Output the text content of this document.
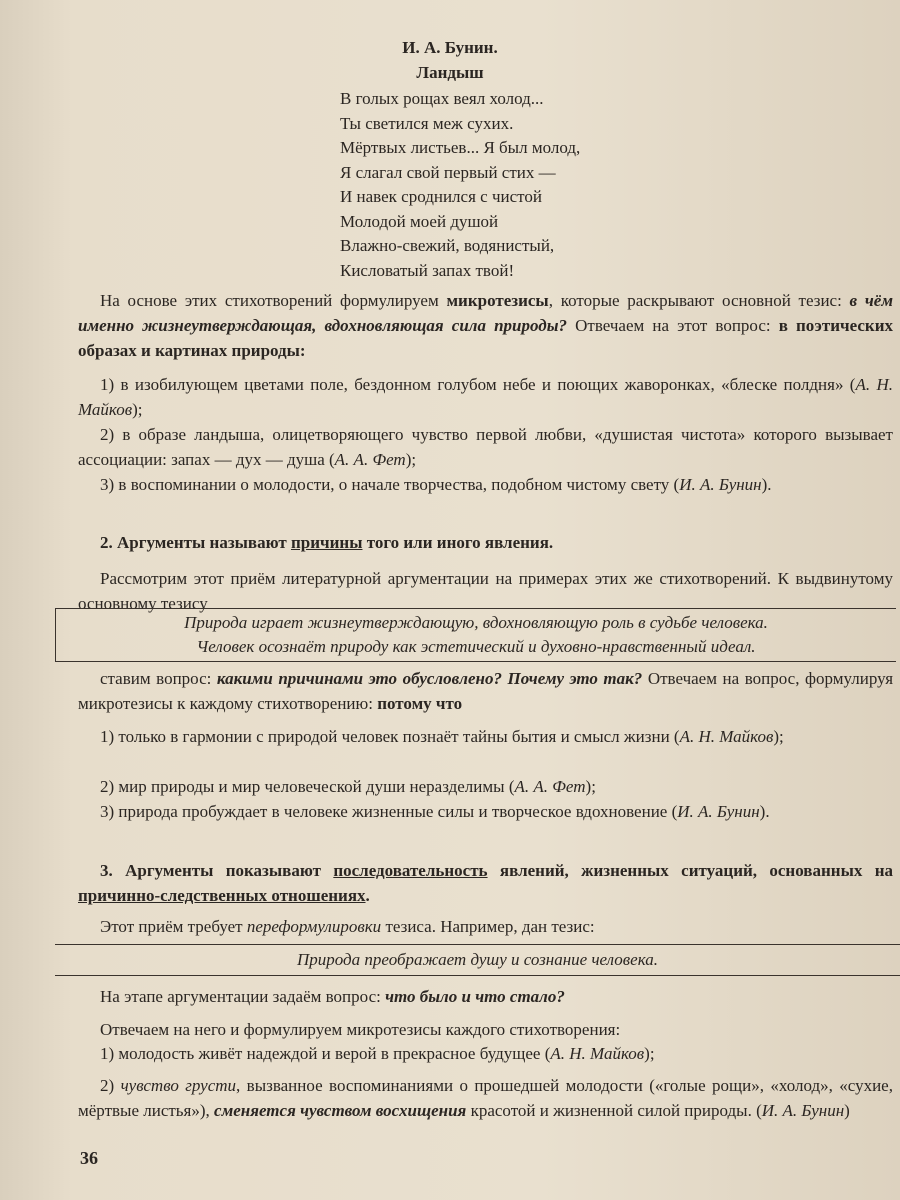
И. А. Бунин.
Ландыш
В голых рощах веял холод...
Ты светился меж сухих.
Мёртвых листьев... Я был молод,
Я слагал свой первый стих —
И навек сроднился с чистой
Молодой моей душой
Влажно-свежий, водянистый,
Кисловатый запах твой!
На основе этих стихотворений формулируем микротезисы, которые раскрывают основной тезис: в чём именно жизнеутверждающая, вдохновляющая сила природы? Отвечаем на этот вопрос: в поэтических образах и картинах природы:
1) в изобилующем цветами поле, бездонном голубом небе и поющих жаворонках, «блеске полдня» (А. Н. Майков);
2) в образе ландыша, олицетворяющего чувство первой любви, «душистая чистота» которого вызывает ассоциации: запах — дух — душа (А. А. Фет);
3) в воспоминании о молодости, о начале творчества, подобном чистому свету (И. А. Бунин).
2. Аргументы называют причины того или иного явления.
Рассмотрим этот приём литературной аргументации на примерах этих же стихотворений. К выдвинутому основному тезису
Природа играет жизнеутверждающую, вдохновляющую роль в судьбе человека.
Человек осознаёт природу как эстетический и духовно-нравственный идеал.
ставим вопрос: какими причинами это обусловлено? Почему это так? Отвечаем на вопрос, формулируя микротезисы к каждому стихотворению: потому что
1) только в гармонии с природой человек познаёт тайны бытия и смысл жизни (А. Н. Майков);
2) мир природы и мир человеческой души неразделимы (А. А. Фет);
3) природа пробуждает в человеке жизненные силы и творческое вдохновение (И. А. Бунин).
3. Аргументы показывают последовательность явлений, жизненных ситуаций, основанных на причинно-следственных отношениях.
Этот приём требует переформулировки тезиса. Например, дан тезис:
Природа преображает душу и сознание человека.
На этапе аргументации задаём вопрос: что было и что стало?
Отвечаем на него и формулируем микротезисы каждого стихотворения:
1) молодость живёт надеждой и верой в прекрасное будущее (А. Н. Майков);
2) чувство грусти, вызванное воспоминаниями о прошедшей молодости («голые рощи», «холод», «сухие, мёртвые листья»), сменяется чувством восхищения красотой и жизненной силой природы. (И. А. Бунин)
36
